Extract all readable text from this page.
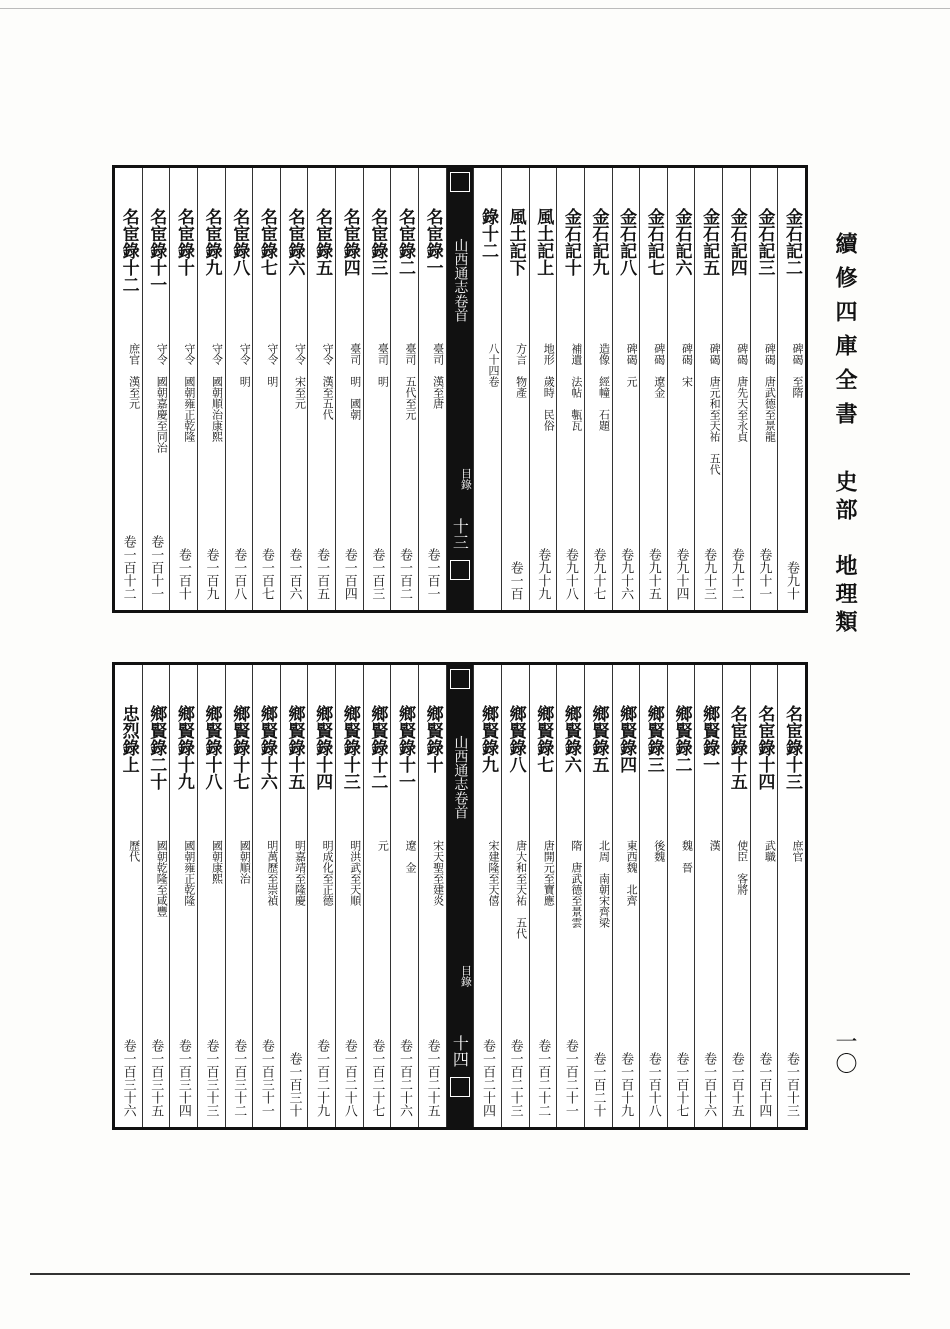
續修四庫全書
史部　地理類
一〇
金石記二
碑碣　至隋
卷九十
金石記三
碑碣　唐武德至景龍
卷九十一
金石記四
碑碣　唐先天至永貞
卷九十二
金石記五
碑碣　唐元和至天祐　五代
卷九十三
金石記六
碑碣　宋
卷九十四
金石記七
碑碣　遼金
卷九十五
金石記八
碑碣　元
卷九十六
金石記九
造像　經幢　石題
卷九十七
金石記十
補遺　法帖　甎瓦
卷九十八
風土記上
地形　歲時　民俗
卷九十九
風土記下
方言　物產
卷一百
錄十二
八十四卷
山西通志卷首
目錄
十三
名宦錄一
臺司　漢至唐
卷一百一
名宦錄二
臺司　五代至元
卷一百二
名宦錄三
臺司　明
卷一百三
名宦錄四
臺司　明　國朝
卷一百四
名宦錄五
守令　漢至五代
卷一百五
名宦錄六
守令　宋至元
卷一百六
名宦錄七
守令　明
卷一百七
名宦錄八
守令　明
卷一百八
名宦錄九
守令　國朝順治康熙
卷一百九
名宦錄十
守令　國朝雍正乾隆
卷一百十
名宦錄十一
守令　國朝嘉慶至同治
卷一百十一
名宦錄十二
庶官　漢至元
卷一百十二
名宦錄十三
庶官
卷一百十三
名宦錄十四
武職
卷一百十四
名宦錄十五
使臣　客將
卷一百十五
鄉賢錄一
漢
卷一百十六
鄉賢錄二
魏　晉
卷一百十七
鄉賢錄三
後魏
卷一百十八
鄉賢錄四
東西魏　北齊
卷一百十九
鄉賢錄五
北周　南朝宋齊梁
卷一百二十
鄉賢錄六
隋　唐武德至景雲
卷一百二十一
鄉賢錄七
唐開元至寶應
卷一百二十二
鄉賢錄八
唐大和至天祐　五代
卷一百二十三
鄉賢錄九
宋建隆至天僖
卷一百二十四
山西通志卷首
目錄
十四
鄉賢錄十
宋天聖至建炎
卷一百二十五
鄉賢錄十一
遼　金
卷一百二十六
鄉賢錄十二
元
卷一百二十七
鄉賢錄十三
明洪武至天順
卷一百二十八
鄉賢錄十四
明成化至正德
卷一百二十九
鄉賢錄十五
明嘉靖至隆慶
卷一百三十
鄉賢錄十六
明萬歷至崇禎
卷一百三十一
鄉賢錄十七
國朝順治
卷一百三十二
鄉賢錄十八
國朝康熙
卷一百三十三
鄉賢錄十九
國朝雍正乾隆
卷一百三十四
鄉賢錄二十
國朝乾隆至咸豐
卷一百三十五
忠烈錄上
歷代
卷一百三十六
